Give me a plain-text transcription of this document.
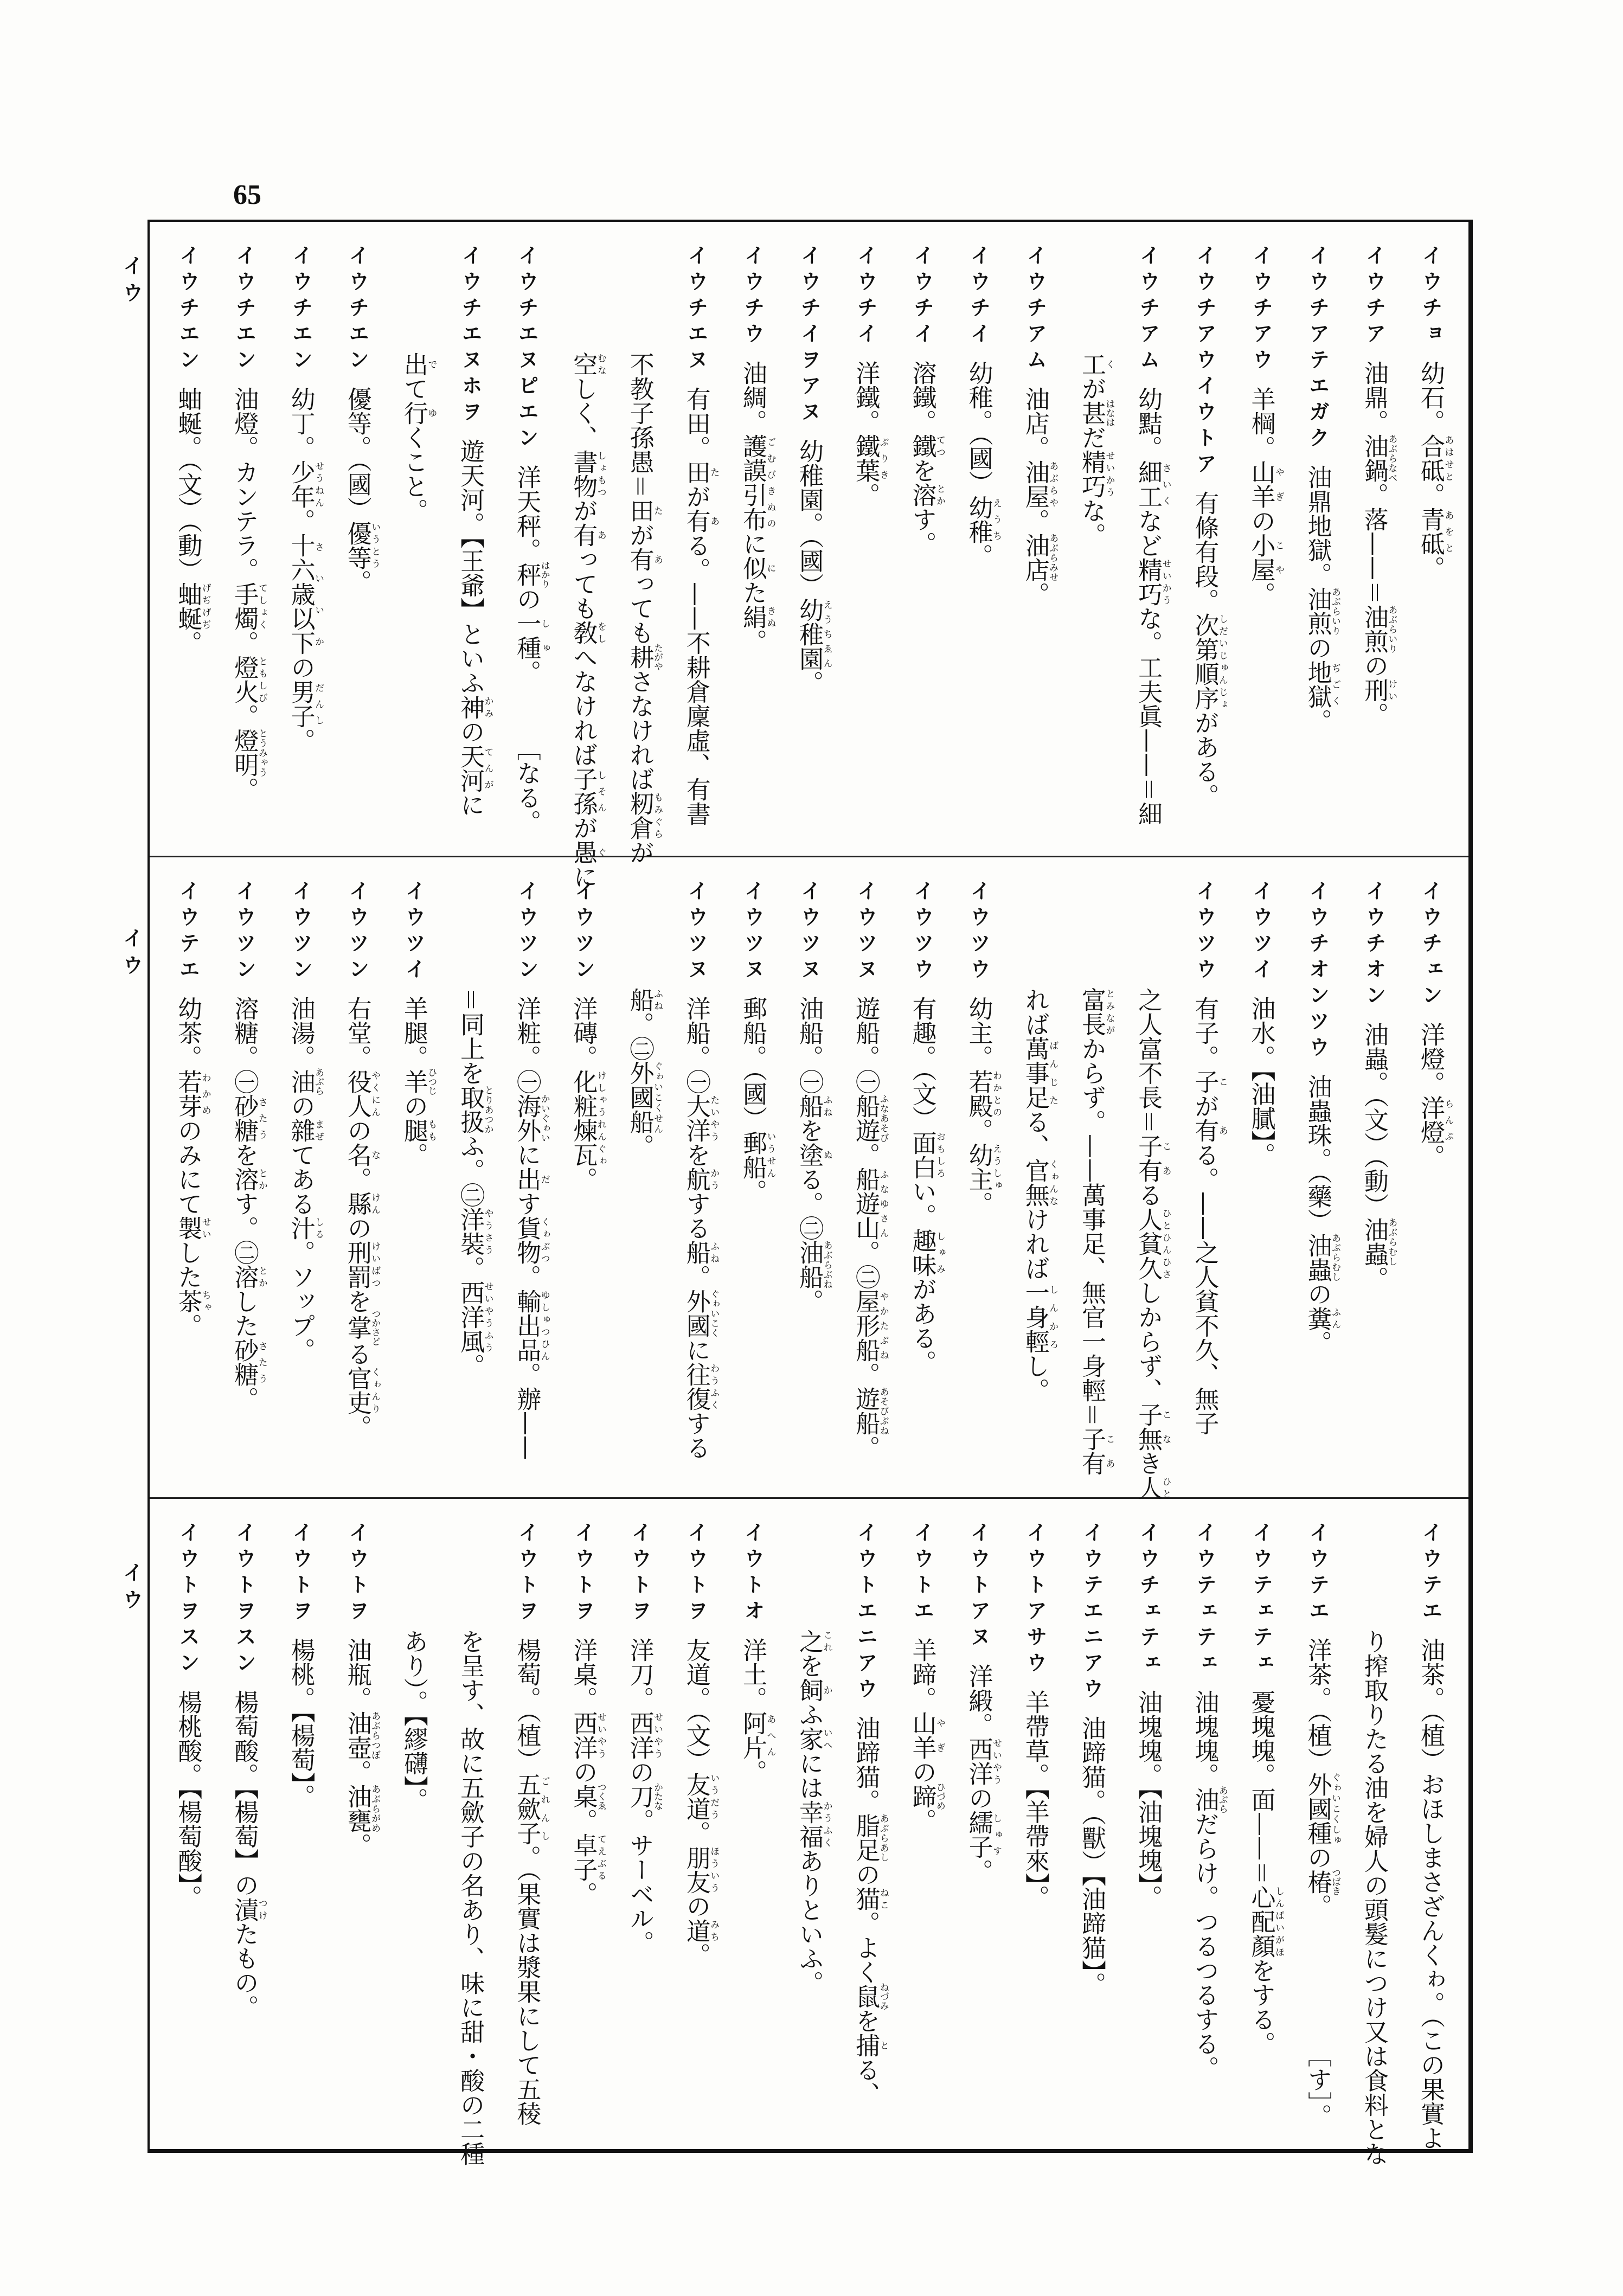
65
イウ
イウ
イウ
イウチョ幼石。合砥あはせと。青砥あをと。
イウチア油鼎。油鍋あぶらなべ。落——＝油煎あぶらいりの刑けい。
イウチアテエガク油鼎地獄。油煎あぶらいりの地獄ぢごく。
イウチアウ羊棡。山羊やぎの小屋こや。
イウチアウイウトア有條有段。次第順序しだいじゅんじょがある。
イウチアム幼黠。細工さいくなど精巧せいかうな。工夫眞——＝細
工くが甚はなはだ精巧せいかうな。
イウチアム油店。油屋あぶらや。油店あぶらみせ。
イウチイ幼稚。（國）幼稚えうち。
イウチイ溶鐵。鐵てつを溶とかす。
イウチイ洋鐵。鐵葉ぶりき。
イウチイヲアヌ幼稚園。（國）幼稚園えうちゑん。
イウチウ油綢。護謨引布ごむびきぬのに似にた絹きぬ。
イウチエヌ有田。田たが有ある。——不耕倉廩虛、有書
不教子孫愚＝田たが有あっても耕たがやさなければ籾倉もみぐらが
空むなしく、書物しょもつが有あっても敎をしへなければ子孫しそんが愚ぐに
イウチエヌピエン洋天秤。秤はかりの一種しゅ。
［なる。
イウチエヌホヲ遊天河。【王爺】といふ神かみの天河てんがに
出でて行ゆくこと。
イウチエン優等。（國）優等いうとう。
イウチエン幼丁。少年せうねん。十六歳以下さいいかの男子だんし。
イウチエン油燈。カンテラ。手燭てしょく。燈火ともしび。燈明とうみゃう。
イウチエン蚰蜒。（文）（動）蚰蜒げぢげぢ。
イウチェン洋燈。洋燈らんぷ。
イウチオン油蟲。（文）（動）油蟲あぶらむし。
イウチオンツウ油蟲珠。（藥）油蟲あぶらむしの糞ふん。
イウツイ油水。【油膩】。
イウツウ有子。子こが有ある。——之人貧不久、無子
之人富不長＝子こ有ある人貧ひとひん久ひさしからず、子無こなき人ひと
富長とみながからず。——萬事足、無官一身輕＝子こ有あ
れば萬事足ばんじたる、官無くゎんなければ一身輕しんかろし。
イウツウ幼主。若殿わかとの。幼主えうしゅ。
イウツウ有趣。（文）面白おもしろい。趣味しゅみがある。
イウツヌ遊船。㊀船遊ふなあそび。船遊山ふなゆさん。㊁屋形船やかたぶね。遊船あそびぶね。
イウツヌ油船。㊀船ふねを塗ぬる。㊁油船あぶらぶね。
イウツヌ郵船。（國）郵船いうせん。
イウツヌ洋船。㊀大洋たいやうを航かうする船ふね。外國ぐゎいこくに往復わうふくする
船ふね。㊁外國船ぐゎいこくせん。
イウツン洋磚。化粧煉瓦けしゃうれんぐゎ。
イウツン洋粧。㊀海外かいぐゎいに出だす貨物くゎぶつ。輸出品ゆしゅつひん。辦——
＝同上を取扱とりあつかふ。㊁洋裝やうさう。西洋風せいやうふう。
イウツイ羊腿。羊ひつじの腿もも。
イウツン右堂。役人やくにんの名な。縣けんの刑罰けいばつを掌つかさどる官吏くゎんり。
イウツン油湯。油あぶらの雜まぜてある汁しる。ソップ。
イウツン溶糖。㊀砂糖さたうを溶とかす。㊁溶とかした砂糖さたう。
イウテエ幼茶。若芽わかめのみにて製せいした茶ちゃ。
イウテエ油茶。（植）おほしまさざんくゎ。（この果實よ
り搾取りたる油を婦人の頭髮につけ又は食料とな
イウテエ洋茶。（植）外國種ぐゎいこくしゅの椿つばき。
［す］。
イウテェテェ憂塊塊。面——＝心配顏しんぱいがほをする。
イウテェテェ油塊塊。油あぶらだらけ。つるつるする。
イウチェテェ油塊塊。【油塊塊】。
イウテエニアウ油蹄猫。（獸）【油蹄猫】。
イウトアサウ羊帶草。【羊帶來】。
イウトアヌ洋緞。西洋せいやうの繻子しゅす。
イウトエ羊蹄。山羊やぎの蹄ひづめ。
イウトエニアウ油蹄猫。脂足あぶらあしの猫ねこ。よく鼠ねづみを捕とる、
之これを飼かふ家いへには幸福かうふくありといふ。
イウトオ洋土。阿片あへん。
イウトヲ友道。（文）友道いうだう。朋友ほういうの道みち。
イウトヲ洋刀。西洋せいやうの刀かたな。サーベル。
イウトヲ洋桌。西洋せいやうの桌つくゑ。卓子てえぶる。
イウトヲ楊萄。（植）五歛子ごれんし。（果實は漿果にして五稜
を呈す、故に五歛子の名あり、味に甜・酸の二種
あり）。【繆礴】。
イウトヲ油瓶。油壺あぶらつぼ。油甕あぶらがめ。
イウトヲ楊桃。【楊萄】。
イウトヲスン楊萄酸。【楊萄】の漬つけたもの。
イウトヲスン楊桃酸。【楊萄酸】。
